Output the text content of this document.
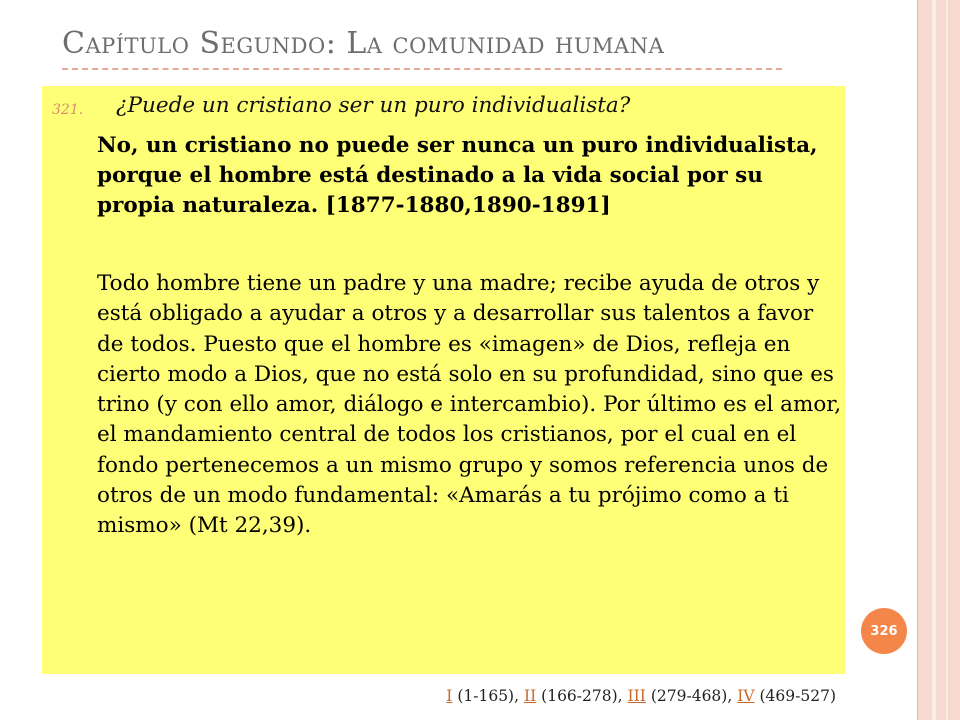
Capítulo Segundo: La comunidad humana
321. ¿Puede un cristiano ser un puro individualista?

No, un cristiano no puede ser nunca un puro individualista, porque el hombre está destinado a la vida social por su propia naturaleza. [1877-1880,1890-1891]

Todo hombre tiene un padre y una madre; recibe ayuda de otros y está obligado a ayudar a otros y a desarrollar sus talentos a favor de todos. Puesto que el hombre es «imagen» de Dios, refleja en cierto modo a Dios, que no está solo en su profundidad, sino que es trino (y con ello amor, diálogo e intercambio). Por último es el amor, el mandamiento central de todos los cristianos, por el cual en el fondo pertenecemos a un mismo grupo y somos referencia unos de otros de un modo fundamental: «Amarás a tu prójimo como a ti mismo» (Mt 22,39).

326
I (1-165), II (166-278), III (279-468), IV (469-527)
